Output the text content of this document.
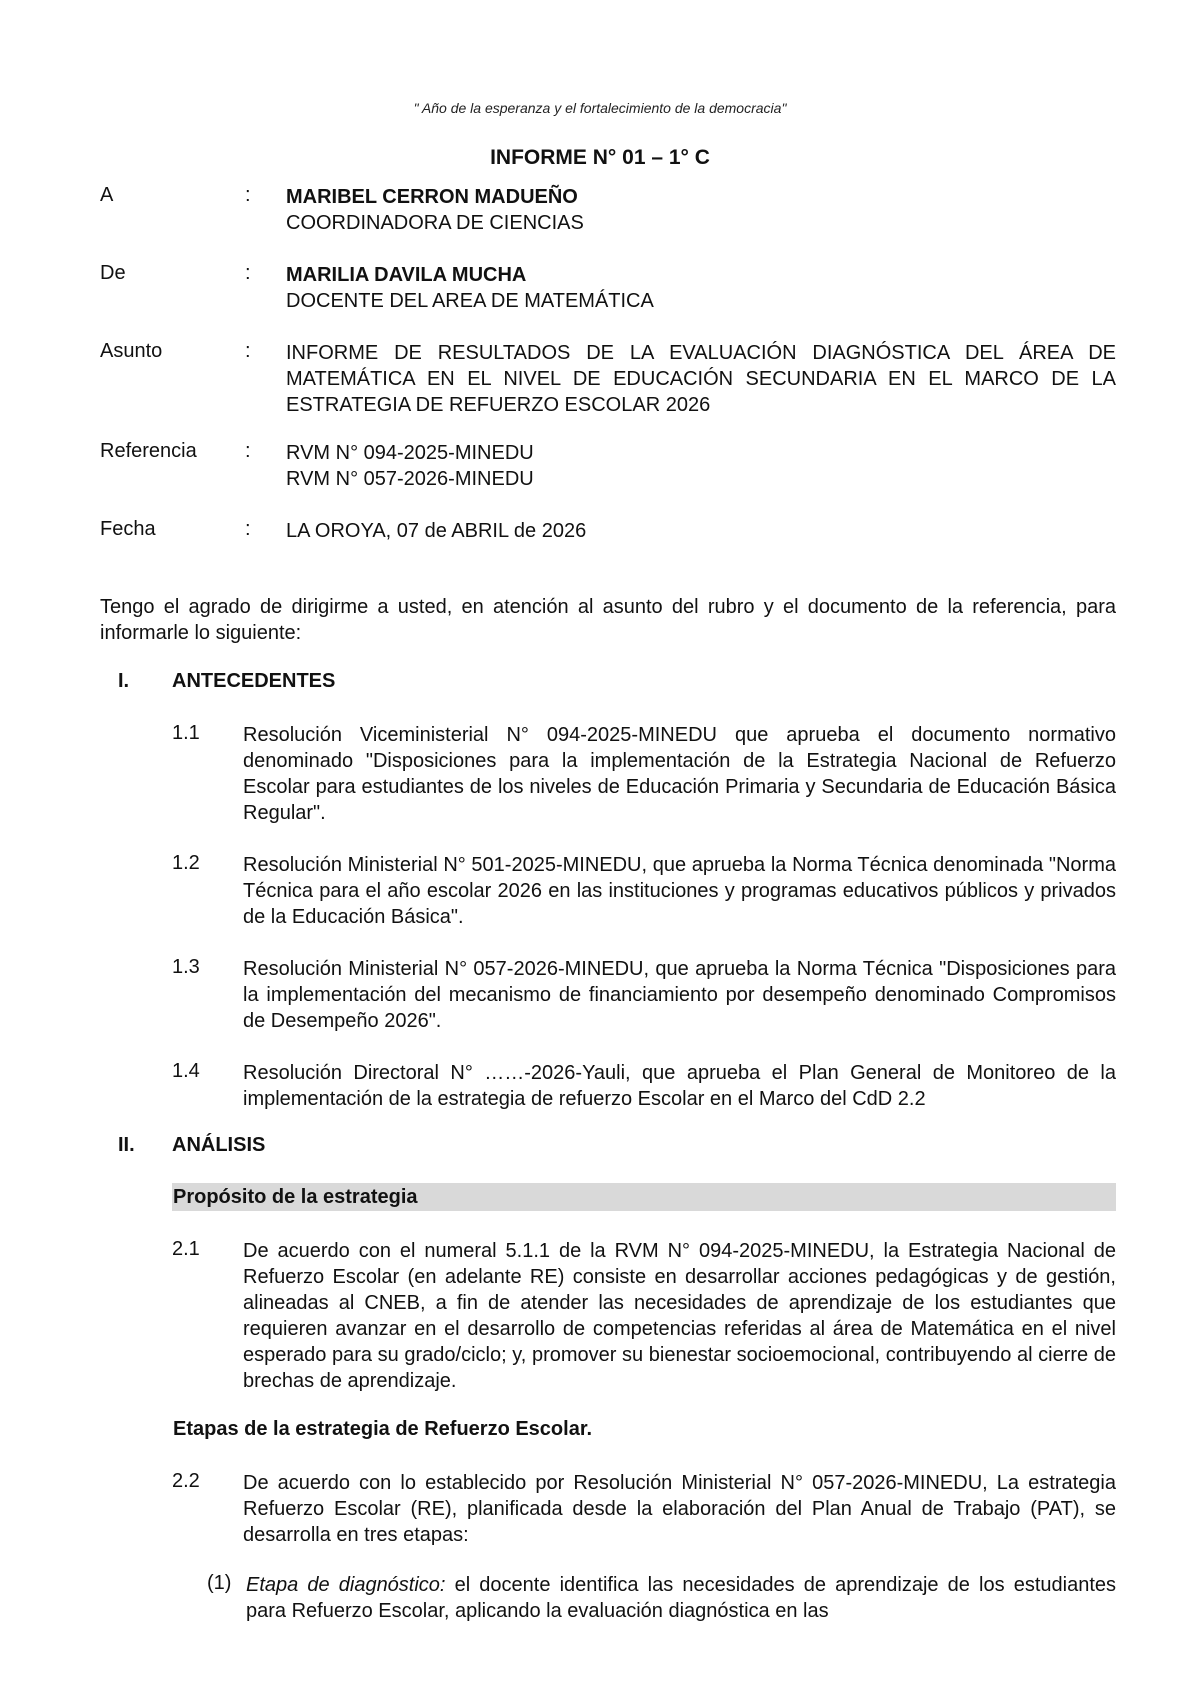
" Año de la esperanza y el fortalecimiento de la democracia"
INFORME N° 01 – 1° C
A	: MARIBEL CERRON MADUEÑO
COORDINADORA DE CIENCIAS
De	: MARILIA DAVILA MUCHA
DOCENTE DEL AREA DE MATEMÁTICA
Asunto	: INFORME DE RESULTADOS DE LA EVALUACIÓN DIAGNÓSTICA DEL ÁREA DE MATEMÁTICA EN EL NIVEL DE EDUCACIÓN SECUNDARIA EN EL MARCO DE LA ESTRATEGIA DE REFUERZO ESCOLAR 2026
Referencia : RVM N° 094-2025-MINEDU
RVM N° 057-2026-MINEDU
Fecha	: LA OROYA, 07 de ABRIL de 2026
Tengo el agrado de dirigirme a usted, en atención al asunto del rubro y el documento de la referencia, para informarle lo siguiente:
I. ANTECEDENTES
1.1 Resolución Viceministerial N° 094-2025-MINEDU que aprueba el documento normativo denominado "Disposiciones para la implementación de la Estrategia Nacional de Refuerzo Escolar para estudiantes de los niveles de Educación Primaria y Secundaria de Educación Básica Regular".
1.2 Resolución Ministerial N° 501-2025-MINEDU, que aprueba la Norma Técnica denominada "Norma Técnica para el año escolar 2026 en las instituciones y programas educativos públicos y privados de la Educación Básica".
1.3 Resolución Ministerial N° 057-2026-MINEDU, que aprueba la Norma Técnica "Disposiciones para la implementación del mecanismo de financiamiento por desempeño denominado Compromisos de Desempeño 2026".
1.4 Resolución Directoral N° ……-2026-Yauli, que aprueba el Plan General de Monitoreo de la implementación de la estrategia de refuerzo Escolar en el Marco del CdD 2.2
II. ANÁLISIS
Propósito de la estrategia
2.1 De acuerdo con el numeral 5.1.1 de la RVM N° 094-2025-MINEDU, la Estrategia Nacional de Refuerzo Escolar (en adelante RE) consiste en desarrollar acciones pedagógicas y de gestión, alineadas al CNEB, a fin de atender las necesidades de aprendizaje de los estudiantes que requieren avanzar en el desarrollo de competencias referidas al área de Matemática en el nivel esperado para su grado/ciclo; y, promover su bienestar socioemocional, contribuyendo al cierre de brechas de aprendizaje.
Etapas de la estrategia de Refuerzo Escolar.
2.2 De acuerdo con lo establecido por Resolución Ministerial N° 057-2026-MINEDU, La estrategia Refuerzo Escolar (RE), planificada desde la elaboración del Plan Anual de Trabajo (PAT), se desarrolla en tres etapas:
(1) Etapa de diagnóstico: el docente identifica las necesidades de aprendizaje de los estudiantes para Refuerzo Escolar, aplicando la evaluación diagnóstica en las
